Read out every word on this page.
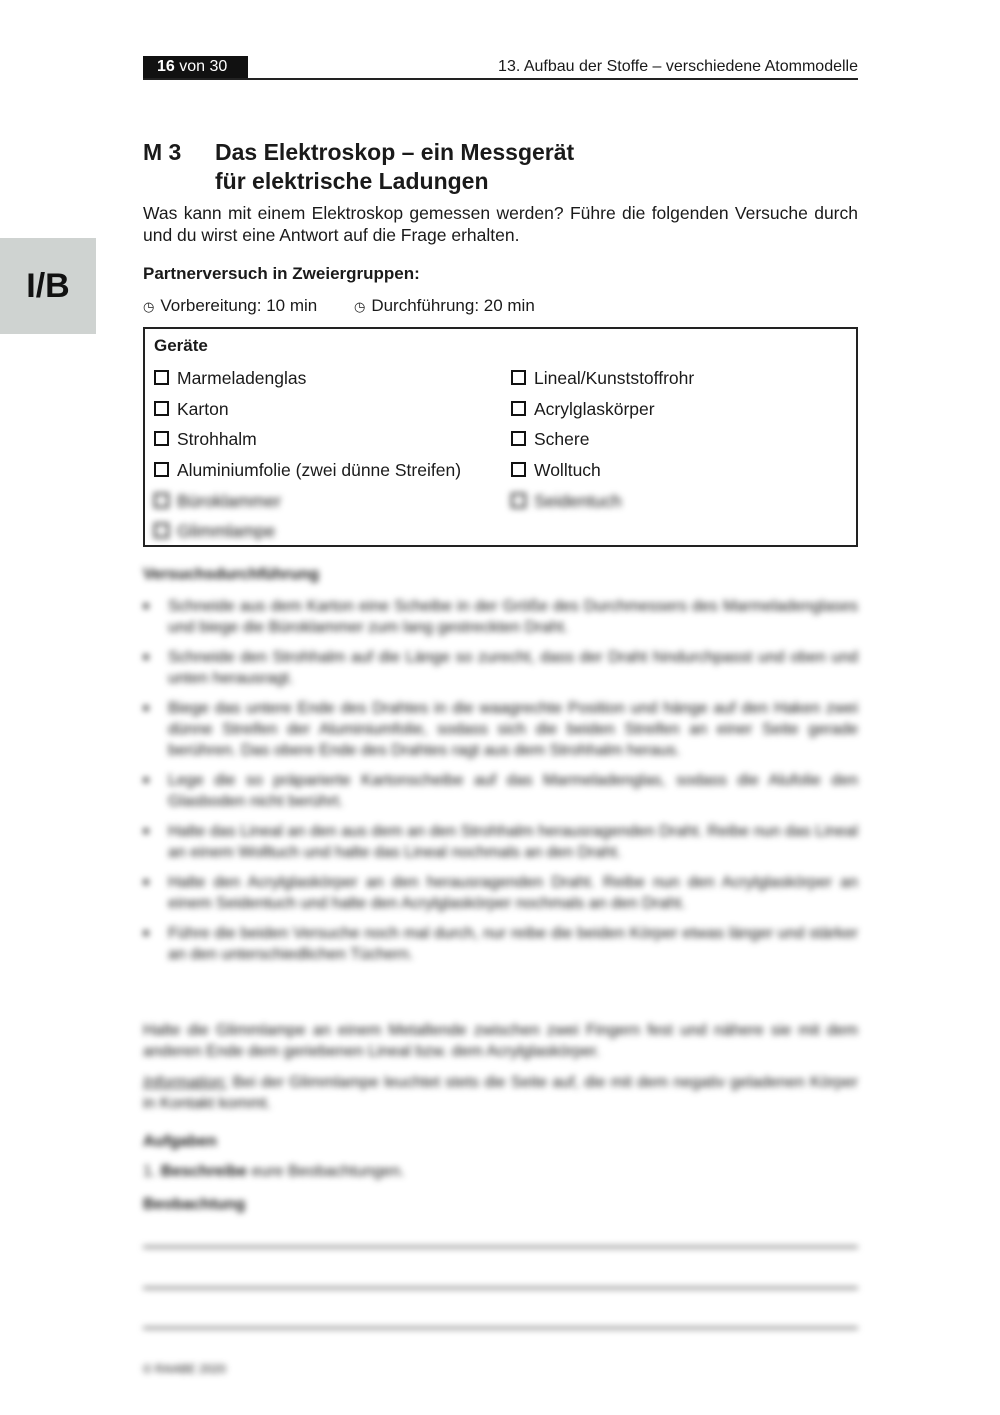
I/B
16 von 30	13. Aufbau der Stoffe – verschiedene Atommodelle
M 3	Das Elektroskop – ein Messgerät
für elektrische Ladungen
Was kann mit einem Elektroskop gemessen werden? Führe die folgenden Versuche durch und du wirst eine Antwort auf die Frage erhalten.
Partnerversuch in Zweiergruppen:
◷ Vorbereitung: 10 min	◷ Durchführung: 20 min
Geräte
Marmeladenglas
Karton
Strohhalm
Aluminiumfolie (zwei dünne Streifen)
Büroklammer
Glimmlampe
Lineal/Kunststoffrohr
Acrylglaskörper
Schere
Wolltuch
Seidentuch
Versuchsdurchführung
■ Schneide aus dem Karton eine Scheibe in der Größe des Durchmessers des Marmeladenglases und biege die Büroklammer zum lang gestreckten Draht.
■ Schneide den Strohhalm auf die Länge so zurecht, dass der Draht hindurchpasst und oben und unten herausragt.
■ Biege das untere Ende des Drahtes in die waagrechte Position und hänge auf den Haken zwei dünne Streifen der Aluminiumfolie, sodass sich die beiden Streifen an einer Seite gerade berühren. Das obere Ende des Drahtes ragt aus dem Strohhalm heraus.
■ Lege die so präparierte Kartonscheibe auf das Marmeladenglas, sodass die Alufolie den Glasboden nicht berührt.
■ Halte das Lineal an den aus dem an den Strohhalm herausragenden Draht. Reibe nun das Lineal an einem Wolltuch und halte das Lineal nochmals an den Draht.
■ Halte den Acrylglaskörper an den herausragenden Draht. Reibe nun den Acrylglaskörper an einem Seidentuch und halte den Acrylglaskörper nochmals an den Draht.
■ Führe die beiden Versuche noch mal durch, nur reibe die beiden Körper etwas länger und stärker an den unterschiedlichen Tüchern.
Halte die Glimmlampe an einem Metallende zwischen zwei Fingern fest und nähere sie mit dem anderen Ende dem geriebenen Lineal bzw. dem Acrylglaskörper.
Information: Bei der Glimmlampe leuchtet stets die Seite auf, die mit dem negativ geladenen Körper in Kontakt kommt.
Aufgaben
1. Beschreibe eure Beobachtungen.
Beobachtung
© RAABE 2020
